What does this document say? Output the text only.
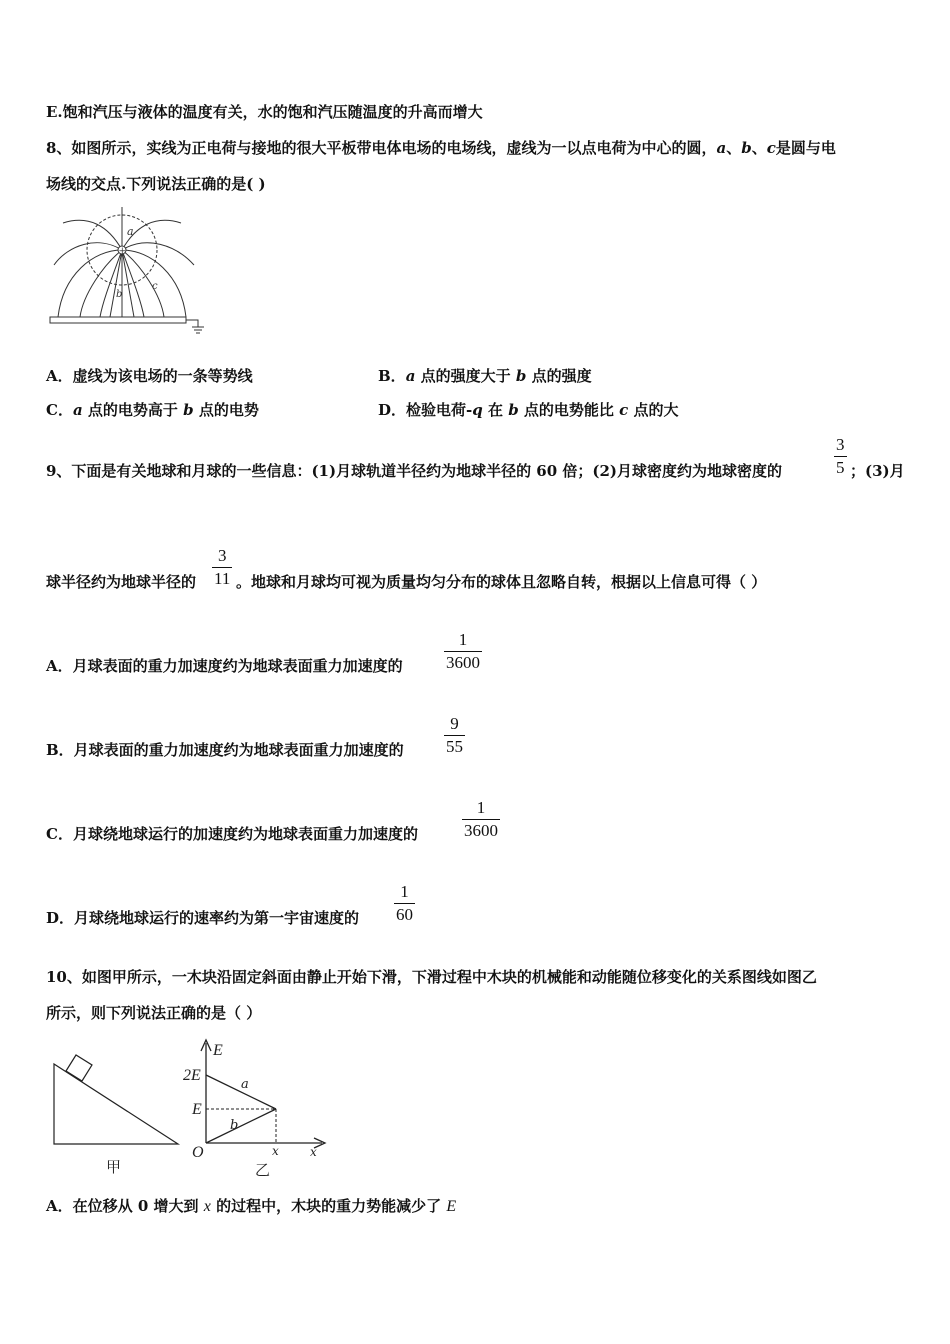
E.饱和汽压与液体的温度有关，水的饱和汽压随温度的升高而增大
8、如图所示，实线为正电荷与接地的很大平板带电体电场的电场线，虚线为一以点电荷为中心的圆，a、b、c是圆与电
场线的交点.下列说法正确的是( )
+
a
b
c
A．虚线为该电场的一条等势线	B．a 点的强度大于 b 点的强度
C．a 点的电势高于 b 点的电势	D．检验电荷-q 在 b 点的电势能比 c 点的大
9、下面是有关地球和月球的一些信息：(1)月球轨道半径约为地球半径的 60 倍；(2)月球密度约为地球密度的	$\frac{3}{5}$ ；(3)月
球半径约为地球半径的 $\frac{3}{11}$ 。地球和月球均可视为质量均匀分布的球体且忽略自转，根据以上信息可得（ ）
A．月球表面的重力加速度约为地球表面重力加速度的 $\frac{1}{3600}$
B．月球表面的重力加速度约为地球表面重力加速度的 $\frac{9}{55}$
C．月球绕地球运行的加速度约为地球表面重力加速度的	$\frac{1}{3600}$
D．月球绕地球运行的速率约为第一宇宙速度的 $\frac{1}{60}$
10、如图甲所示，一木块沿固定斜面由静止开始下滑，下滑过程中木块的机械能和动能随位移变化的关系图线如图乙
所示，则下列说法正确的是（ ）
甲
E
2E
E
O	x	x
a
b
乙
A．在位移从 0 增大到 x 的过程中，木块的重力势能减少了 E
